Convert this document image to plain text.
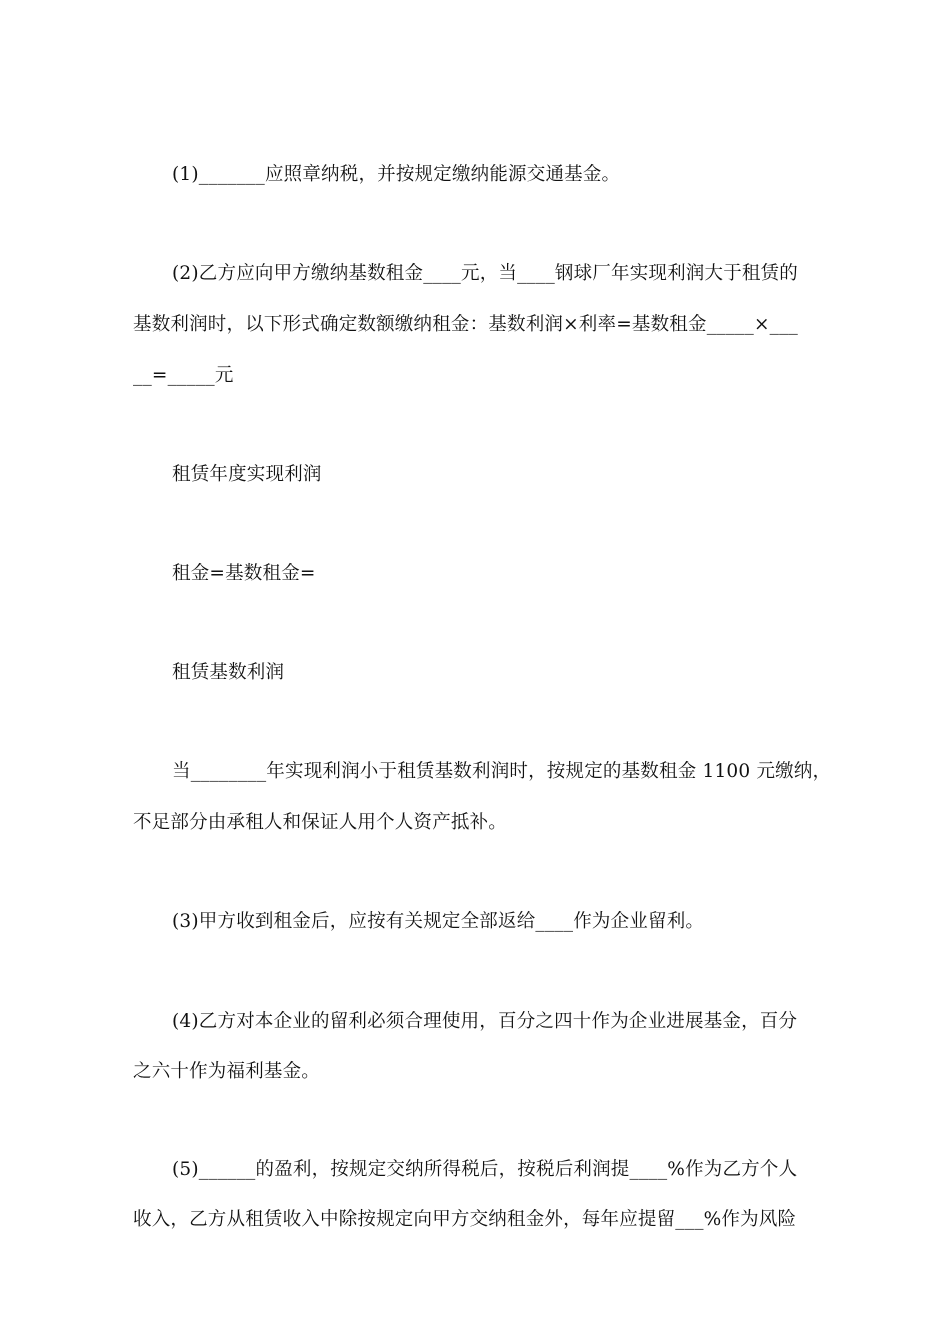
(1)_______应照章纳税，并按规定缴纳能源交通基金。
(2)乙方应向甲方缴纳基数租金____元，当____钢球厂年实现利润大于租赁的
基数利润时，以下形式确定数额缴纳租金：基数利润×利率=基数租金_____×___
__=_____元
租赁年度实现利润
租金=基数租金=
租赁基数利润
当________年实现利润小于租赁基数利润时，按规定的基数租金 1100 元缴纳，
不足部分由承租人和保证人用个人资产抵补。
(3)甲方收到租金后，应按有关规定全部返给____作为企业留利。
(4)乙方对本企业的留利必须合理使用，百分之四十作为企业进展基金，百分
之六十作为福利基金。
(5)______的盈利，按规定交纳所得税后，按税后利润提____%作为乙方个人
收入，乙方从租赁收入中除按规定向甲方交纳租金外，每年应提留___%作为风险
